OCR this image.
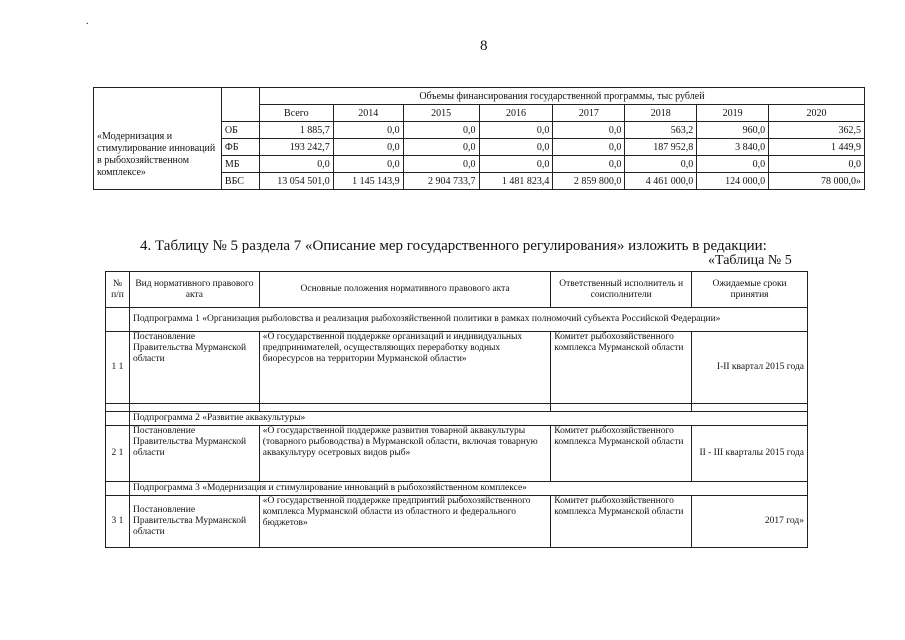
.
8
		Объемы финансирования государственной программы, тыс рублей							
		Всего	2014	2015	2016	2017	2018	2019	2020
«Модернизация и стимулирование инноваций в рыбохозяйственном комплексе»	ОБ	1 885,7	0,0	0,0	0,0	0,0	563,2	960,0	362,5
	ФБ	193 242,7	0,0	0,0	0,0	0,0	187 952,8	3 840,0	1 449,9
	МБ	0,0	0,0	0,0	0,0	0,0	0,0	0,0	0,0
	ВБС	13 054 501,0	1 145 143,9	2 904 733,7	1 481 823,4	2 859 800,0	4 461 000,0	124 000,0	78 000,0»
4. Таблицу № 5 раздела 7 «Описание мер государственного регулирования» изложить в редакции:
«Таблица № 5
№ п/п	Вид нормативного правового акта	Основные положения нормативного правового акта	Ответственный исполнитель и соисполнители	Ожидаемые сроки принятия
	Подпрограмма 1 «Организация рыболовства и реализация рыбохозяйственной политики в рамках полномочий субъекта Российской Федерации»			
1 1	Постановление Правительства Мурманской области	«О государственной поддержке организаций и индивидуальных предпринимателей, осуществляющих переработку водных биоресурсов на территории Мурманской области»	Комитет рыбохозяйственного комплекса Мурманской области	I-II квартал 2015 года

	Подпрограмма 2 «Развитие аквакультуры»			
2 1	Постановление Правительства Мурманской области	«О государственной поддержке развития товарной аквакультуры (товарного рыбоводства) в Мурманской области, включая товарную аквакультуру осетровых видов рыб»	Комитет рыбохозяйственного комплекса Мурманской области	II - III кварталы 2015 года
	Подпрограмма 3 «Модернизация и стимулирование инноваций в рыбохозяйственном комплексе»			
3 1	Постановление Правительства Мурманской области	«О государственной поддержке предприятий рыбохозяйственного комплекса Мурманской области из областного и федерального бюджетов»	Комитет рыбохозяйственного комплекса Мурманской области	2017 год»
